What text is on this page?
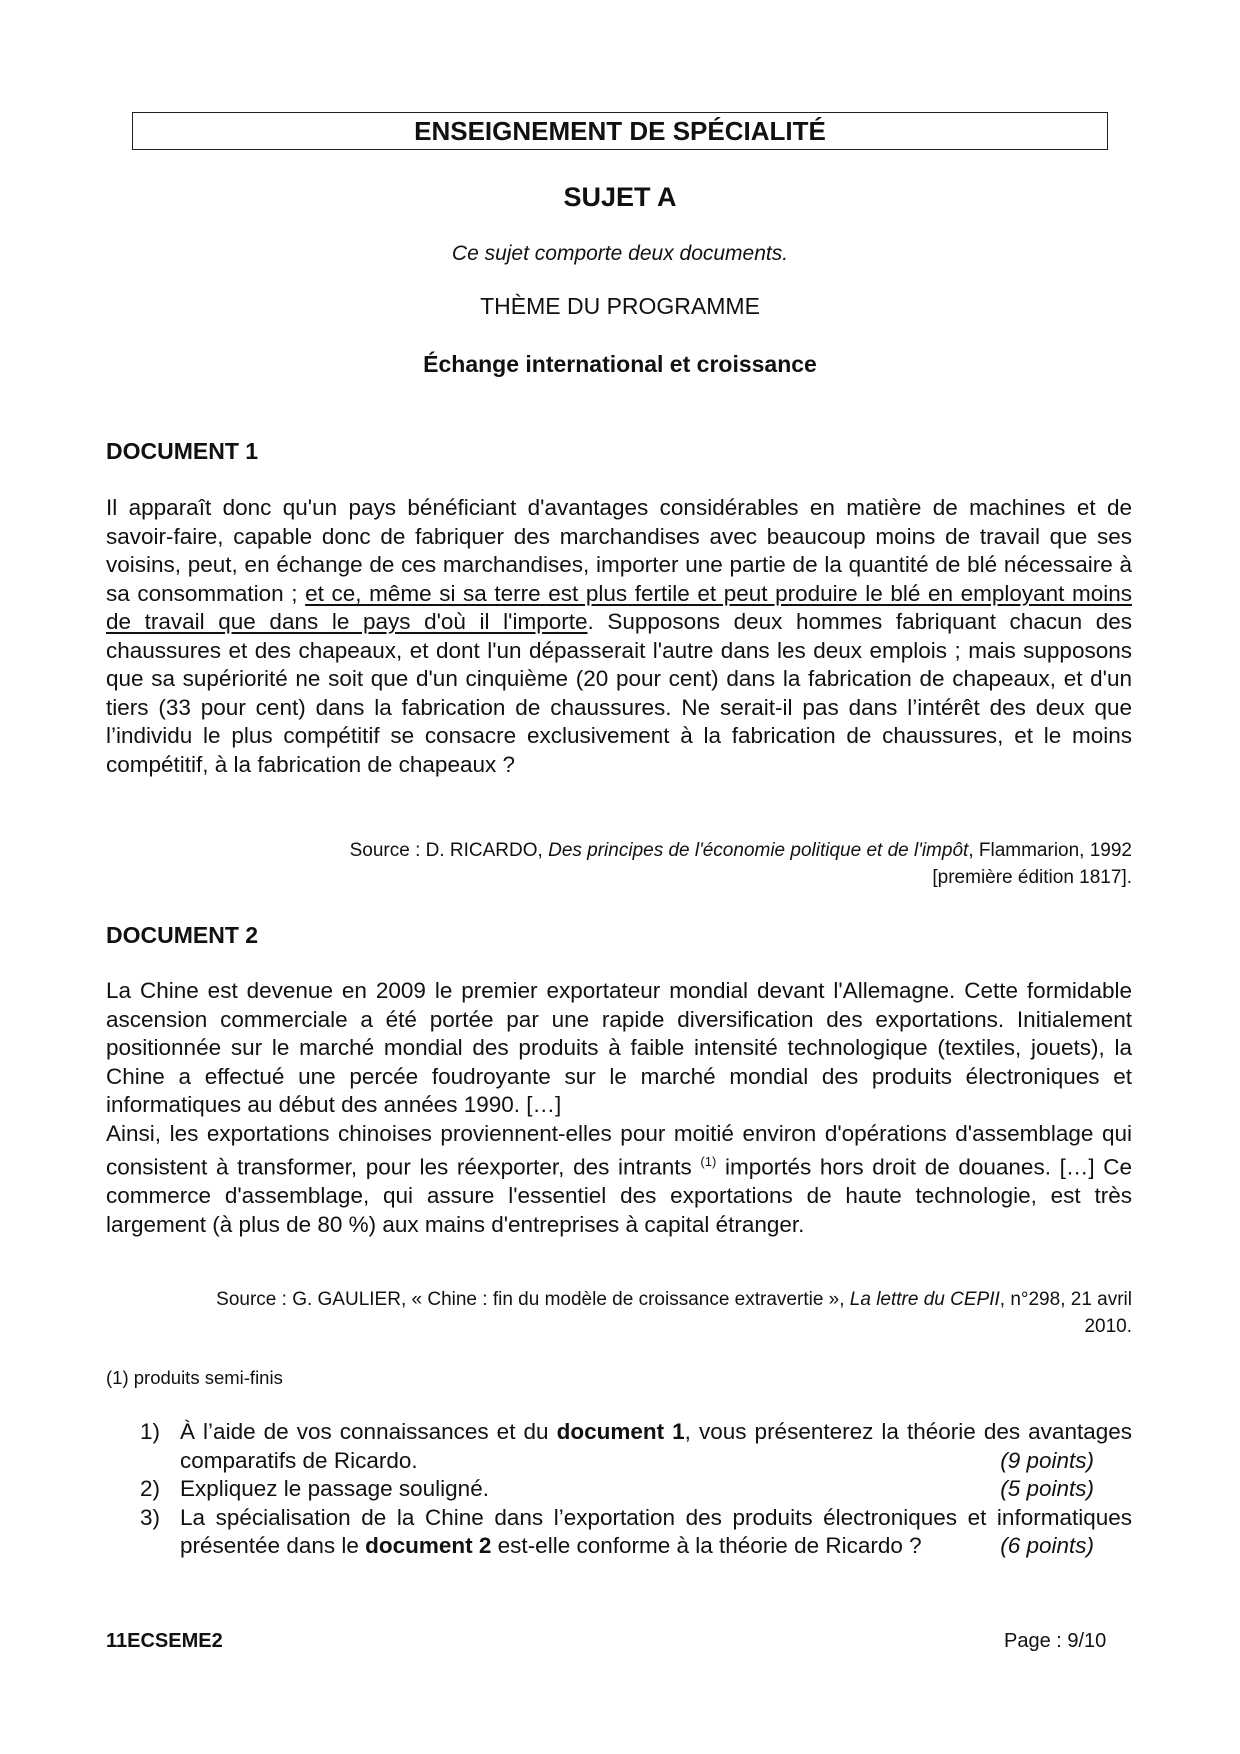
ENSEIGNEMENT DE SPÉCIALITÉ
SUJET A
Ce sujet comporte deux documents.
THÈME DU PROGRAMME
Échange international et croissance
DOCUMENT 1
Il apparaît donc qu'un pays bénéficiant d'avantages considérables en matière de machines et de savoir-faire, capable donc de fabriquer des marchandises avec beaucoup moins de travail que ses voisins, peut, en échange de ces marchandises, importer une partie de la quantité de blé nécessaire à sa consommation ; et ce, même si sa terre est plus fertile et peut produire le blé en employant moins de travail que dans le pays d'où il l'importe. Supposons deux hommes fabriquant chacun des chaussures et des chapeaux, et dont l'un dépasserait l'autre dans les deux emplois ; mais supposons que sa supériorité ne soit que d'un cinquième (20 pour cent) dans la fabrication de chapeaux, et d'un tiers (33 pour cent) dans la fabrication de chaussures. Ne serait-il pas dans l’intérêt des deux que l’individu le plus compétitif se consacre exclusivement à la fabrication de chaussures, et le moins compétitif, à la fabrication de chapeaux ?
Source : D. RICARDO, Des principes de l'économie politique et de l'impôt, Flammarion, 1992
[première édition 1817].
DOCUMENT 2
La Chine est devenue en 2009 le premier exportateur mondial devant l'Allemagne. Cette formidable ascension commerciale a été portée par une rapide diversification des exportations. Initialement positionnée sur le marché mondial des produits à faible intensité technologique (textiles, jouets), la Chine a effectué une percée foudroyante sur le marché mondial des produits électroniques et informatiques au début des années 1990. […]
Ainsi, les exportations chinoises proviennent-elles pour moitié environ d'opérations d'assemblage qui consistent à transformer, pour les réexporter, des intrants $^{(1)}$ importés hors droit de douanes. […] Ce commerce d'assemblage, qui assure l'essentiel des exportations de haute technologie, est très largement (à plus de 80 %) aux mains d'entreprises à capital étranger.
Source : G. GAULIER, « Chine : fin du modèle de croissance extravertie », La lettre du CEPII, n°298, 21 avril
2010.
(1) produits semi-finis
1) À l’aide de vos connaissances et du document 1, vous présenterez la théorie des avantages comparatifs de Ricardo.	(9 points)
2) Expliquez le passage souligné.	(5 points)
3) La spécialisation de la Chine dans l’exportation des produits électroniques et informatiques présentée dans le document 2 est-elle conforme à la théorie de Ricardo ?	(6 points)
11ECSEME2	Page : 9/10
